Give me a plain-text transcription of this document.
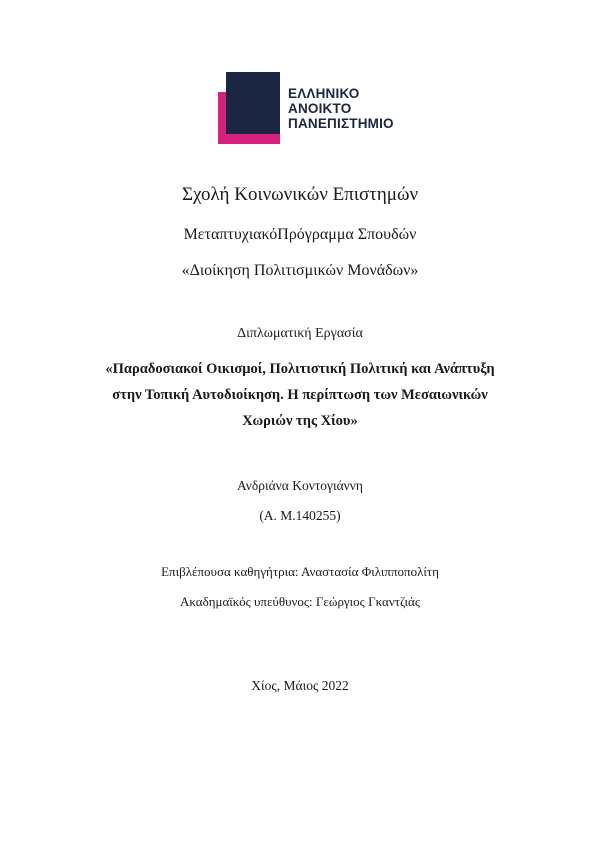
ΕΛΛΗΝΙΚΟ
ΑΝΟΙΚΤΟ
ΠΑΝΕΠΙΣΤΗΜΙΟ
Σχολή Κοινωνικών Επιστημών
ΜεταπτυχιακόΠρόγραμμα Σπουδών
«Διοίκηση Πολιτισμικών Μονάδων»
Διπλωματική Εργασία
«Παραδοσιακοί Οικισμοί, Πολιτιστική Πολιτική και Ανάπτυξη
στην Τοπική Αυτοδιοίκηση. Η περίπτωση των Μεσαιωνικών
Χωριών της Χίου»
Ανδριάνα Κοντογιάννη
(Α. Μ.140255)
Επιβλέπουσα καθηγήτρια: Αναστασία Φιλιπποπολίτη
Ακαδημαϊκός υπεύθυνος: Γεώργιος Γκαντζιάς
Χίος, Μάιος 2022
